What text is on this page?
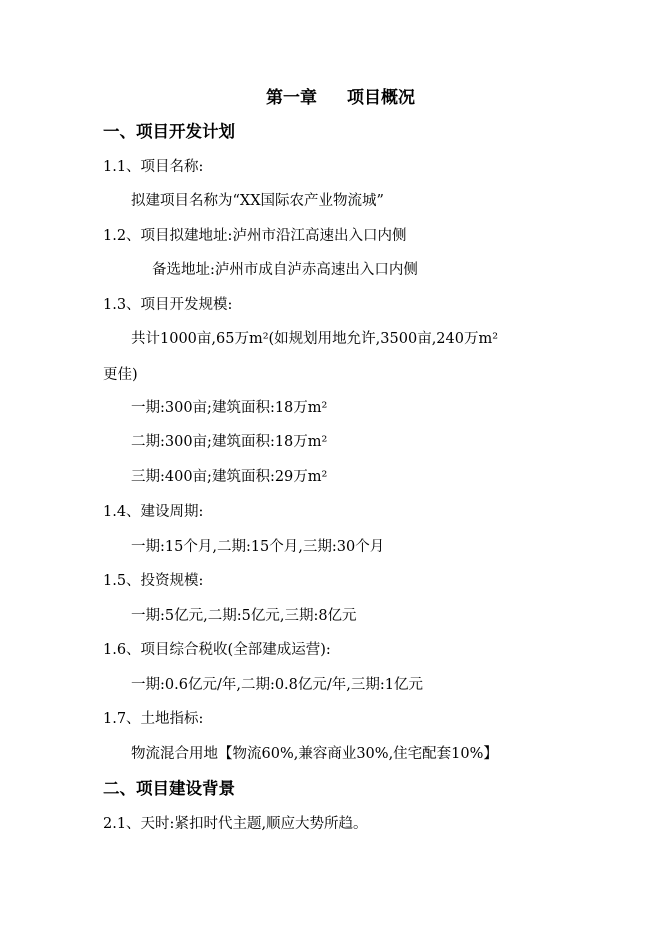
第一章 项目概况
一、项目开发计划
1.1、项目名称:
拟建项目名称为“XX国际农产业物流城”
1.2、项目拟建地址:泸州市沿江高速出入口内侧
备选地址:泸州市成自泸赤高速出入口内侧
1.3、项目开发规模:
共计1000亩,65万m²(如规划用地允许,3500亩,240万m²
更佳)
一期:300亩;建筑面积:18万m²
二期:300亩;建筑面积:18万m²
三期:400亩;建筑面积:29万m²
1.4、建设周期:
一期:15个月,二期:15个月,三期:30个月
1.5、投资规模:
一期:5亿元,二期:5亿元,三期:8亿元
1.6、项目综合税收(全部建成运营):
一期:0.6亿元/年,二期:0.8亿元/年,三期:1亿元
1.7、土地指标:
物流混合用地【物流60%,兼容商业30%,住宅配套10%】
二、项目建设背景
2.1、天时:紧扣时代主题,顺应大势所趋。
